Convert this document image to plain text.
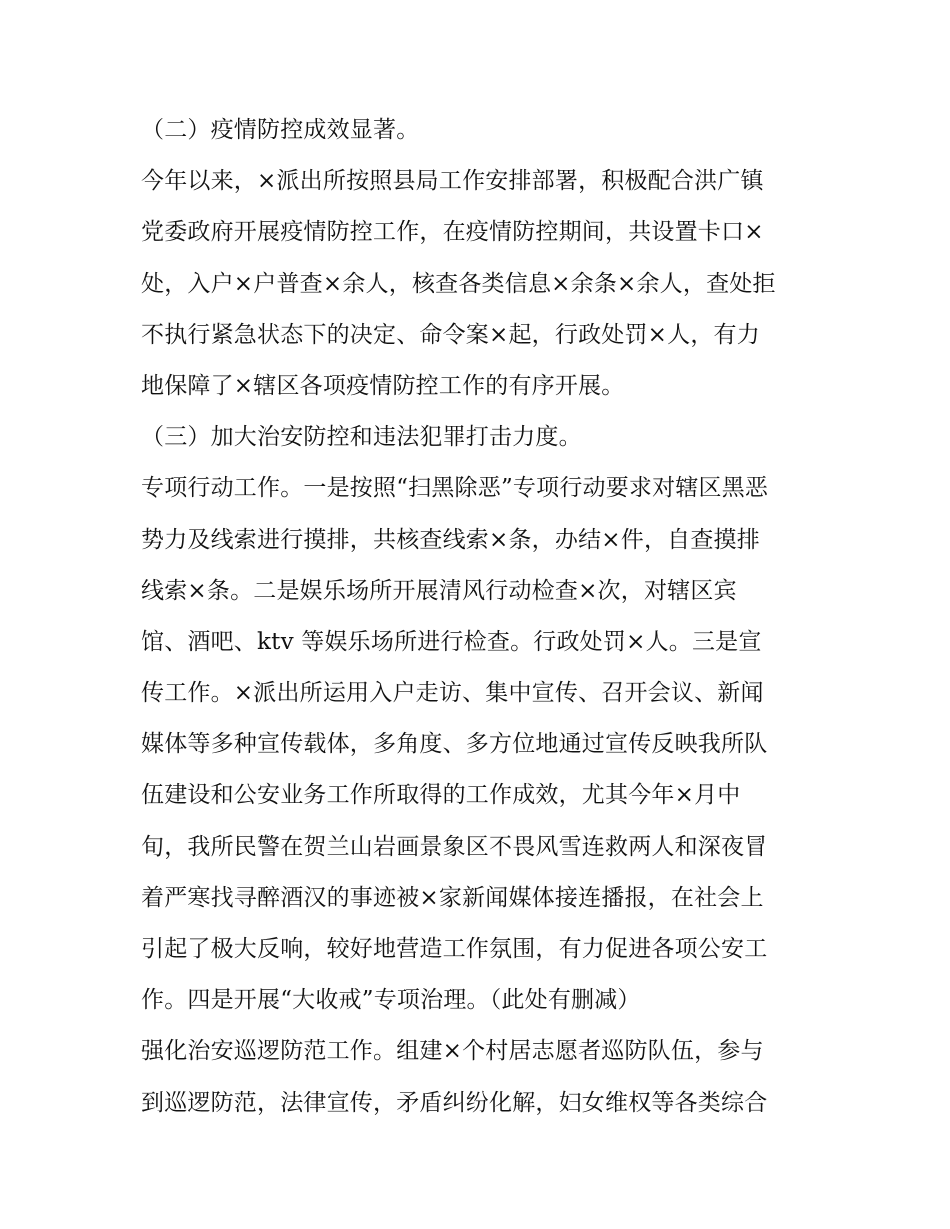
（二）疫情防控成效显著。
今年以来，×派出所按照县局工作安排部署，积极配合洪广镇
党委政府开展疫情防控工作，在疫情防控期间，共设置卡口×
处，入户×户普查×余人，核查各类信息×余条×余人，查处拒
不执行紧急状态下的决定、命令案×起，行政处罚×人，有力
地保障了×辖区各项疫情防控工作的有序开展。
（三）加大治安防控和违法犯罪打击力度。
专项行动工作。一是按照“扫黑除恶”专项行动要求对辖区黑恶
势力及线索进行摸排，共核查线索×条，办结×件，自查摸排
线索×条。二是娱乐场所开展清风行动检查×次，对辖区宾
馆、酒吧、ktv 等娱乐场所进行检查。行政处罚×人。三是宣
传工作。×派出所运用入户走访、集中宣传、召开会议、新闻
媒体等多种宣传载体，多角度、多方位地通过宣传反映我所队
伍建设和公安业务工作所取得的工作成效，尤其今年×月中
旬，我所民警在贺兰山岩画景象区不畏风雪连救两人和深夜冒
着严寒找寻醉酒汉的事迹被×家新闻媒体接连播报，在社会上
引起了极大反响，较好地营造工作氛围，有力促进各项公安工
作。四是开展“大收戒”专项治理。（此处有删减）
强化治安巡逻防范工作。组建×个村居志愿者巡防队伍，参与
到巡逻防范，法律宣传，矛盾纠纷化解，妇女维权等各类综合
